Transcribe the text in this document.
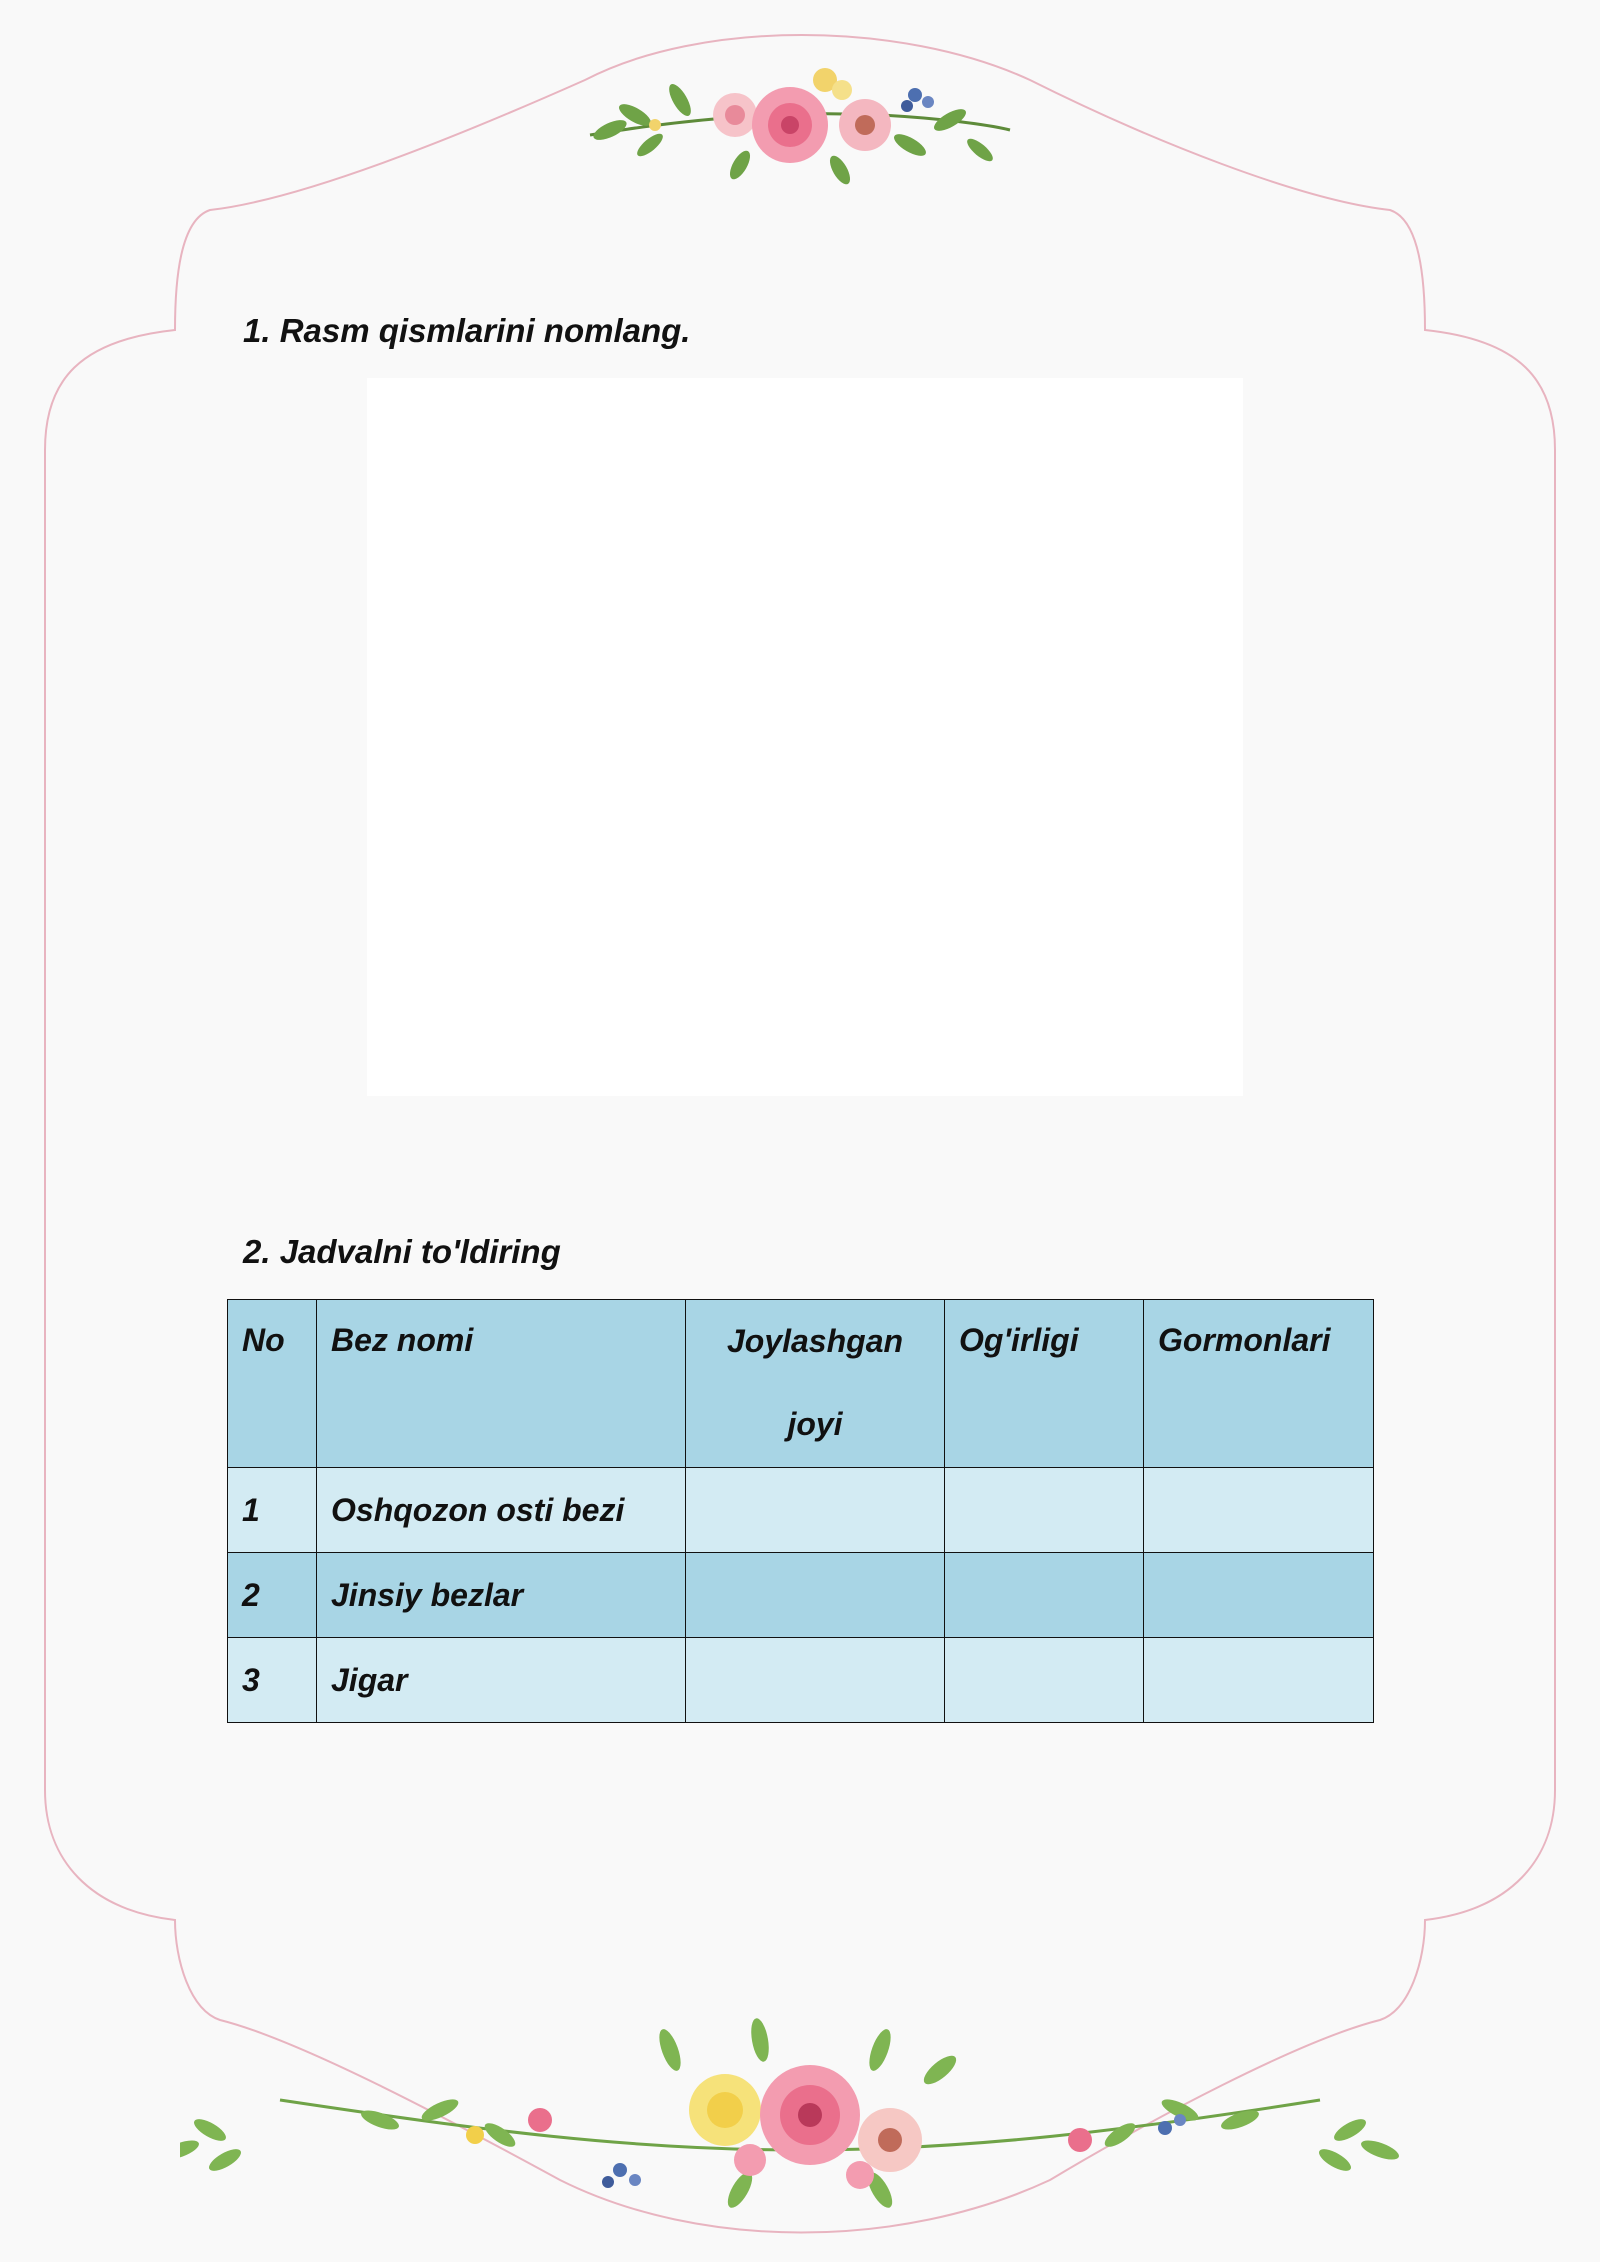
1. Rasm qismlarini nomlang.

2. Jadvalni to'ldiring

No	Bez nomi	Joylashgan joyi	Og'irligi	Gormonlari
1	Oshqozon osti bezi			
2	Jinsiy bezlar			
3	Jigar			
